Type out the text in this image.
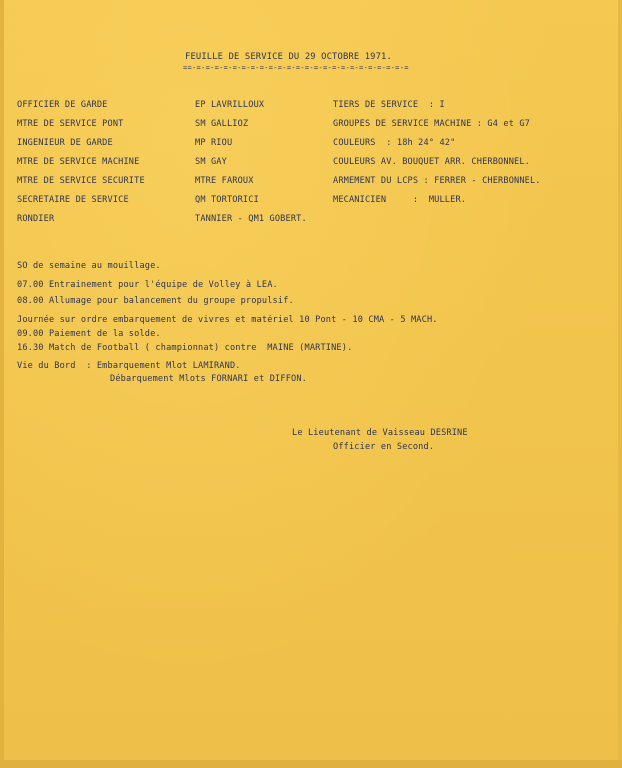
FEUILLE DE SERVICE DU 29 OCTOBRE 1971.
==-=-=-=-=-=-=-=-=-=-=-=-=-=-=-=-=-=-=-=-=-=-=-=-=
OFFICIER DE GARDE	EP LAVRILLOUX	TIERS DE SERVICE  : I
MTRE DE SERVICE PONT	SM GALLIOZ	GROUPES DE SERVICE MACHINE : G4 et G7
INGENIEUR DE GARDE	MP RIOU	COULEURS  : 18h 24° 42"
MTRE DE SERVICE MACHINE	SM GAY	COULEURS AV. BOUQUET ARR. CHERBONNEL.
MTRE DE SERVICE SECURITE	MTRE FAROUX	ARMEMENT DU LCPS : FERRER - CHERBONNEL.
SECRETAIRE DE SERVICE	QM TORTORICI	MECANICIEN     :  MULLER.
RONDIER	TANNIER - QM1 GOBERT.
SO de semaine au mouillage.
07.00 Entrainement pour l'équipe de Volley à LEA.
08.00 Allumage pour balancement du groupe propulsif.
Journée sur ordre embarquement de vivres et matériel 10 Pont - 10 CMA - 5 MACH.
09.00 Paiement de la solde.
16.30 Match de Football ( championnat) contre  MAINE (MARTINE).
Vie du Bord  : Embarquement Mlot LAMIRAND.
Débarquement Mlots FORNARI et DIFFON.
Le Lieutenant de Vaisseau DESRINE
Officier en Second.
